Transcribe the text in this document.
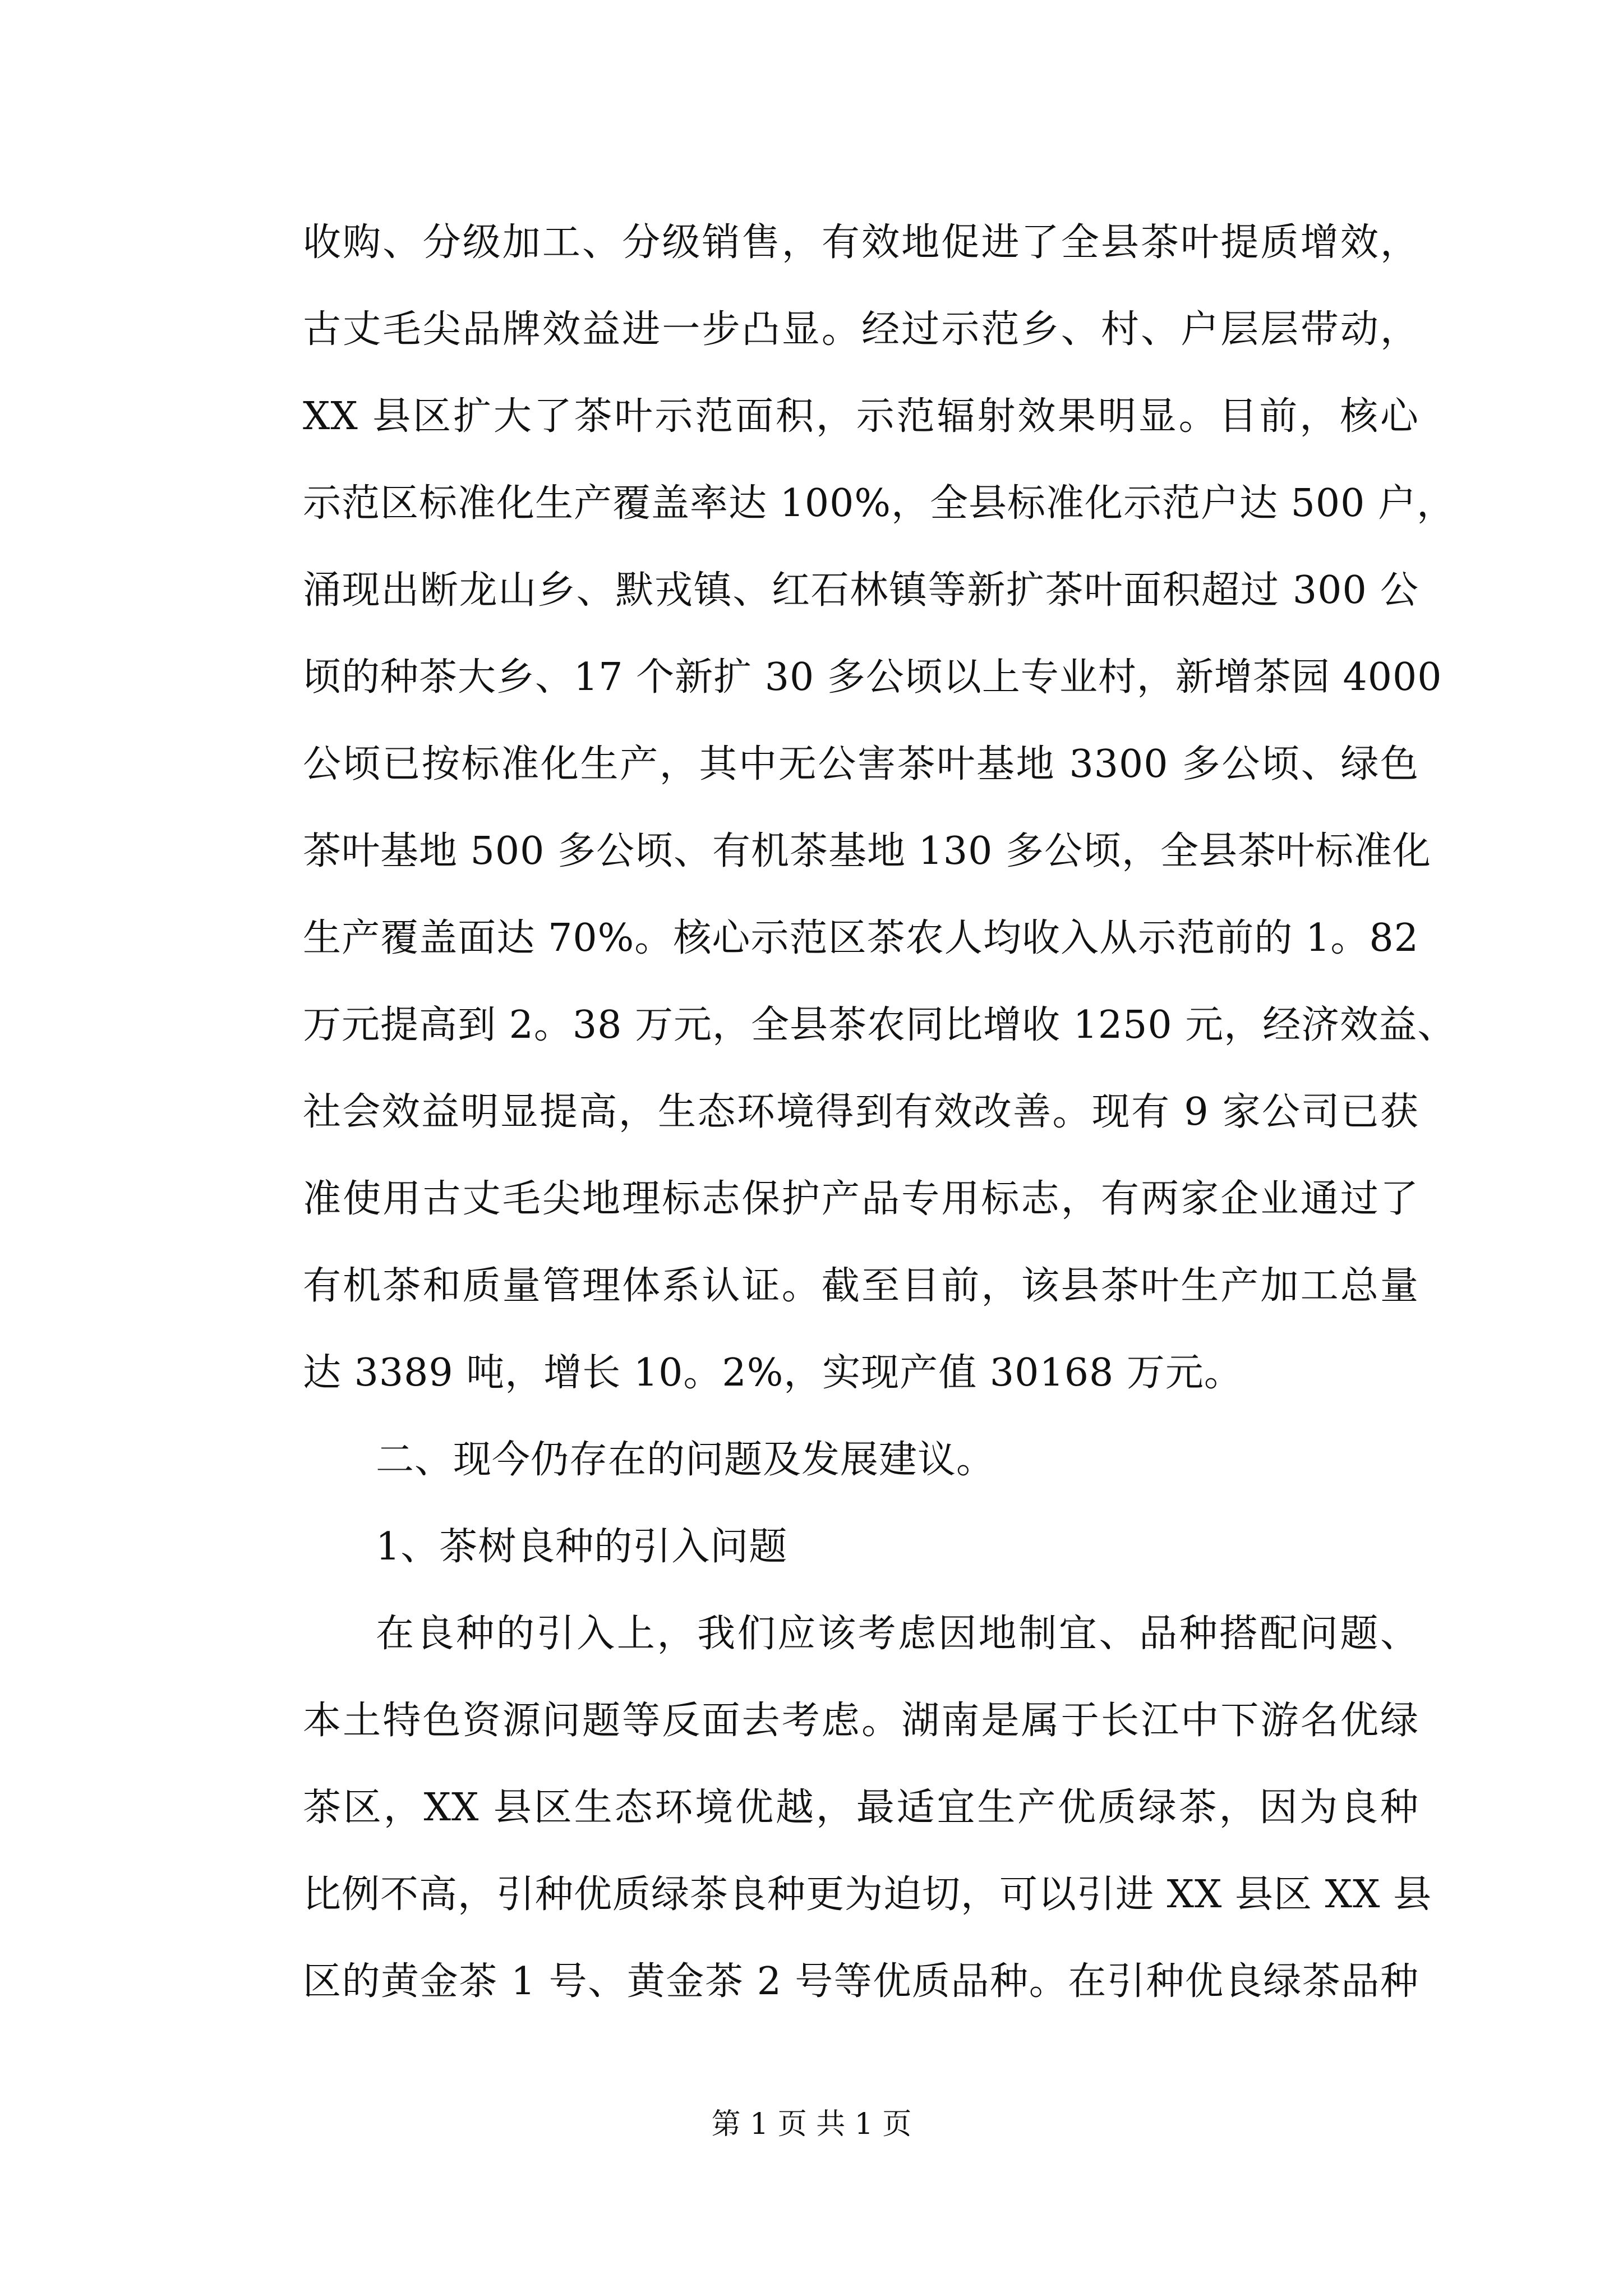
收购、分级加工、分级销售，有效地促进了全县茶叶提质增效，
古丈毛尖品牌效益进一步凸显。经过示范乡、村、户层层带动，
XX 县区扩大了茶叶示范面积，示范辐射效果明显。目前，核心
示范区标准化生产覆盖率达 100%，全县标准化示范户达 500 户，
涌现出断龙山乡、默戎镇、红石林镇等新扩茶叶面积超过 300 公
顷的种茶大乡、17 个新扩 30 多公顷以上专业村，新增茶园 4000
公顷已按标准化生产，其中无公害茶叶基地 3300 多公顷、绿色
茶叶基地 500 多公顷、有机茶基地 130 多公顷，全县茶叶标准化
生产覆盖面达 70%。核心示范区茶农人均收入从示范前的 1。82
万元提高到 2。38 万元，全县茶农同比增收 1250 元，经济效益、
社会效益明显提高，生态环境得到有效改善。现有 9 家公司已获
准使用古丈毛尖地理标志保护产品专用标志，有两家企业通过了
有机茶和质量管理体系认证。截至目前，该县茶叶生产加工总量
达 3389 吨，增长 10。2%，实现产值 30168 万元。
二、现今仍存在的问题及发展建议。
1、茶树良种的引入问题
在良种的引入上，我们应该考虑因地制宜、品种搭配问题、
本土特色资源问题等反面去考虑。湖南是属于长江中下游名优绿
茶区，XX 县区生态环境优越，最适宜生产优质绿茶，因为良种
比例不高，引种优质绿茶良种更为迫切，可以引进 XX 县区 XX 县
区的黄金茶 1 号、黄金茶 2 号等优质品种。在引种优良绿茶品种
第 1 页 共 1 页
